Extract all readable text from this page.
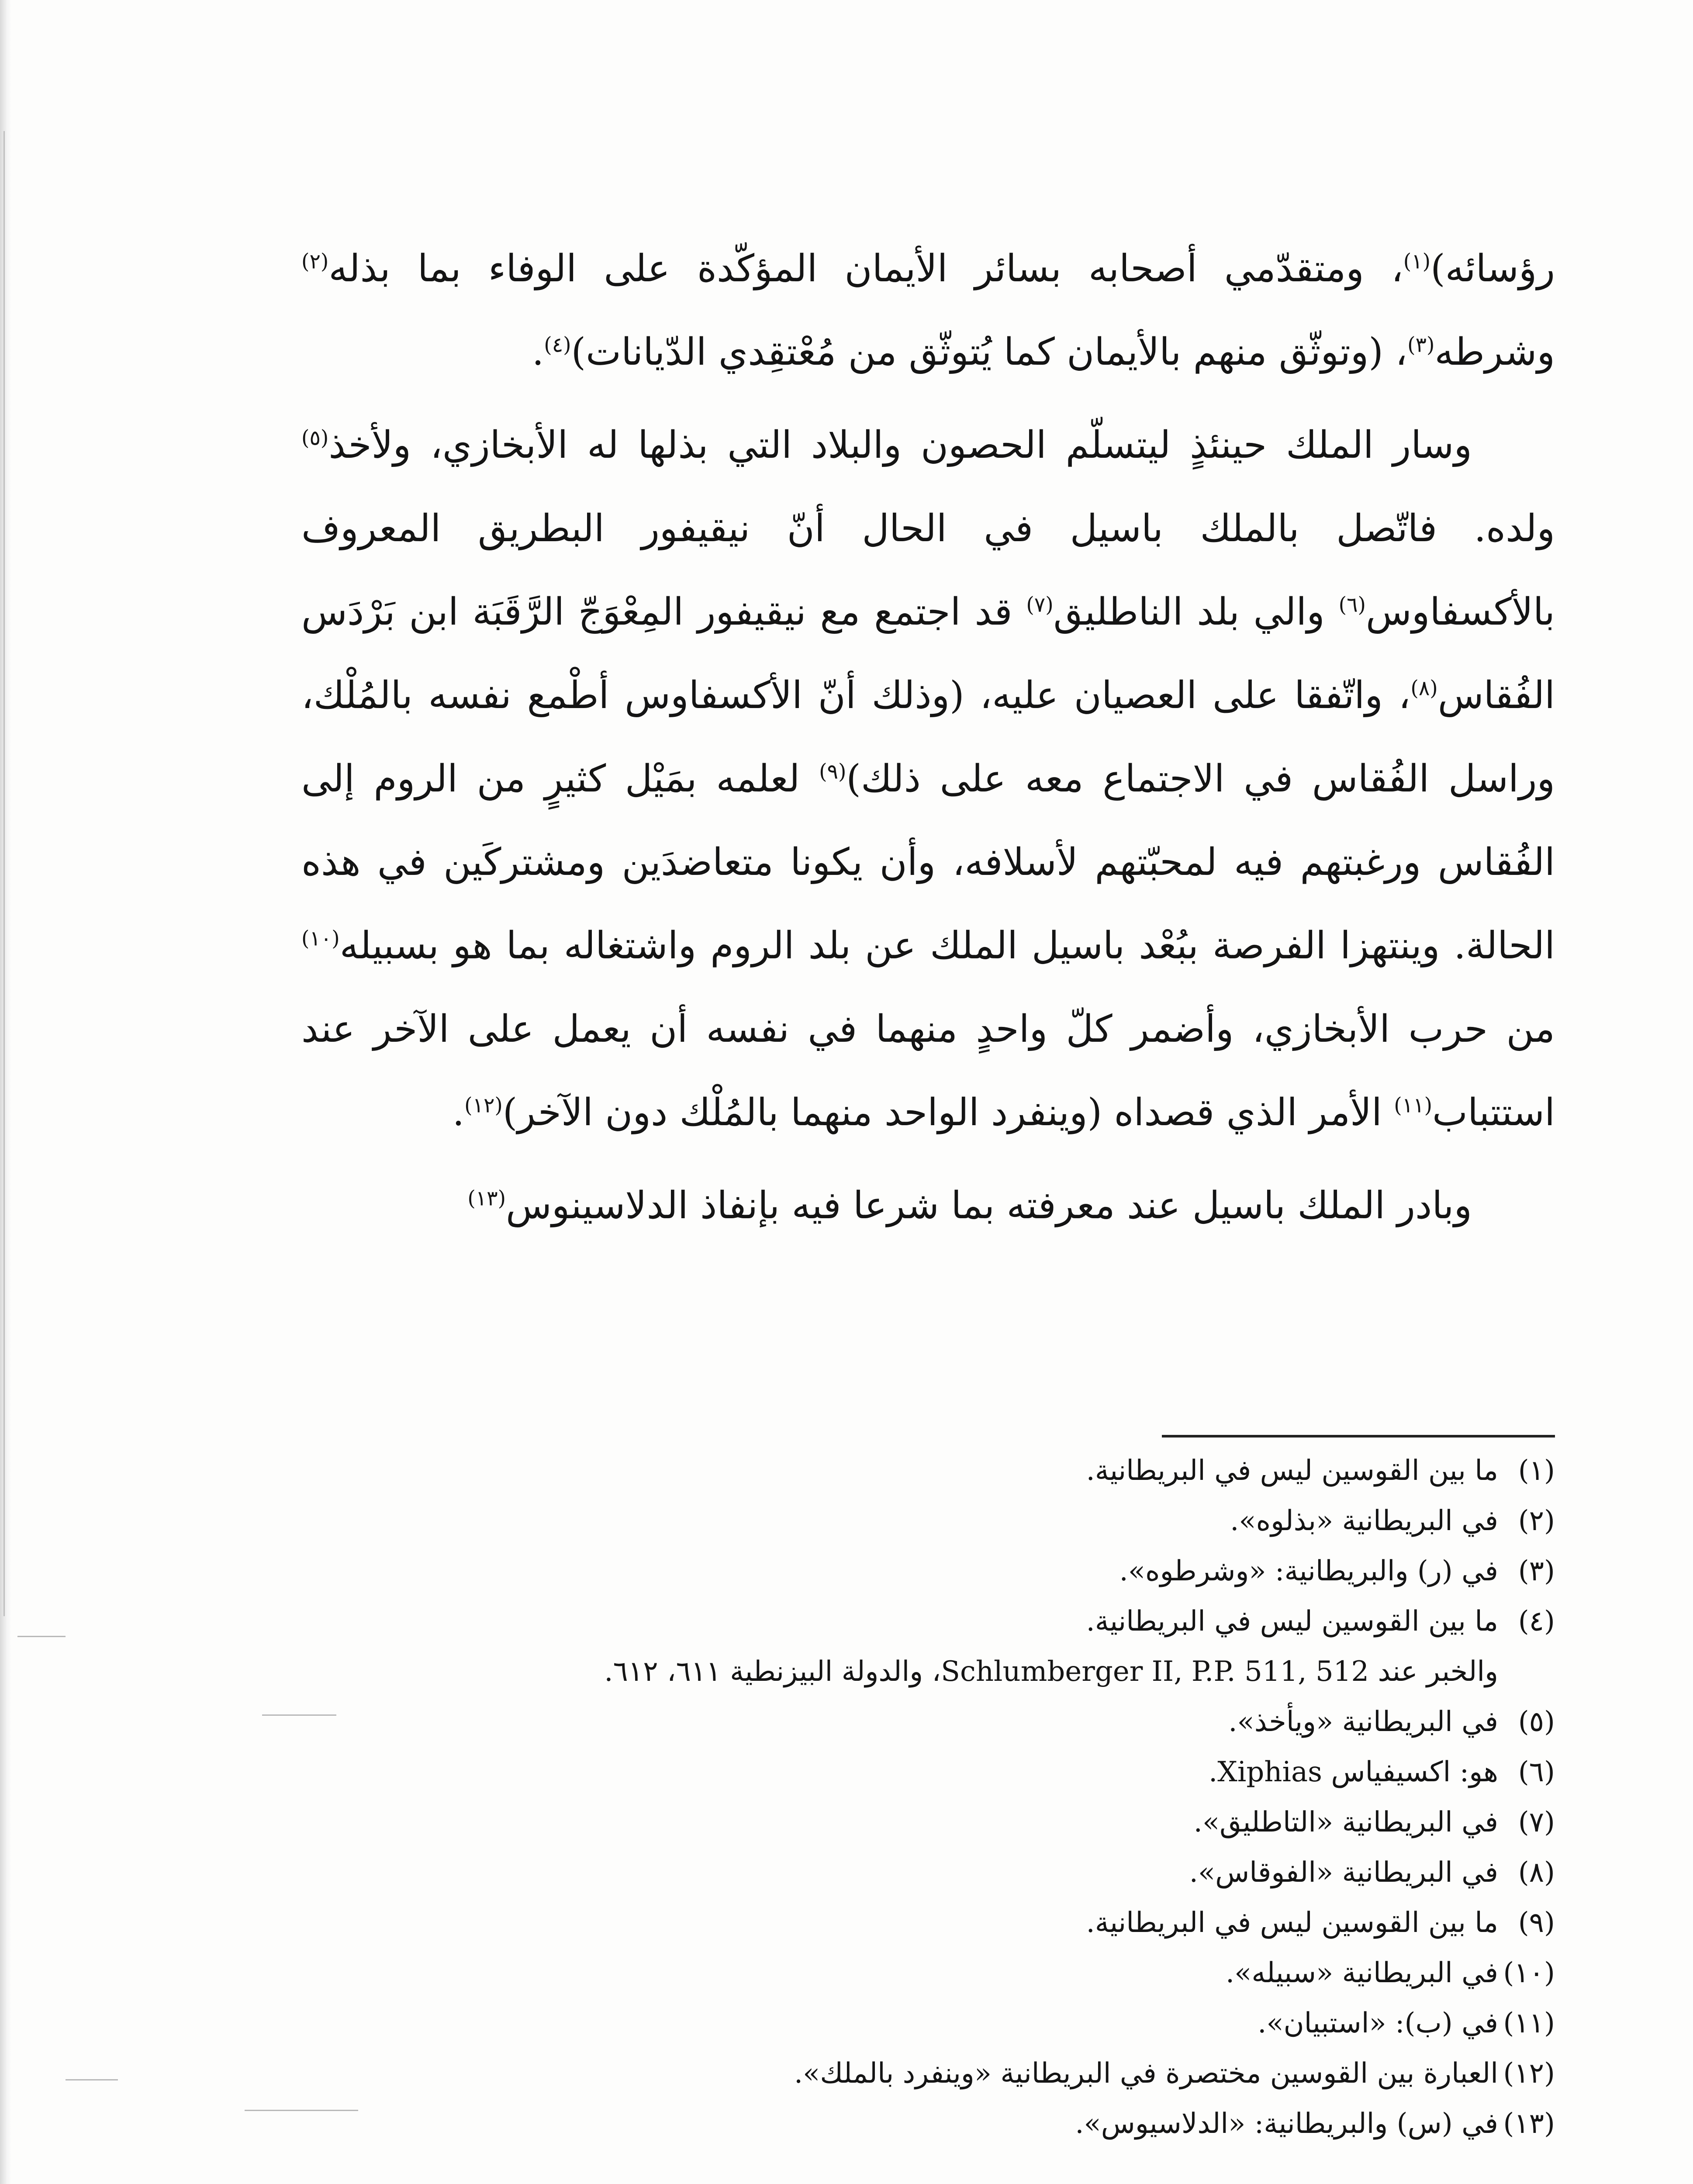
رؤسائه)$^{(١)}$، ومتقدّمي أصحابه بسائر الأيمان المؤكّدة على الوفاء بما بذله$^{(٢)}$ وشرطه$^{(٣)}$، (وتوثّق منهم بالأيمان كما يُتوثّق من مُعْتقِدي الدّيانات)$^{(٤)}$.

وسار الملك حينئذٍ ليتسلّم الحصون والبلاد التي بذلها له الأبخازي، ولأخذ$^{(٥)}$ ولده. فاتّصل بالملك باسيل في الحال أنّ نيقيفور البطريق المعروف بالأكسفاوس$^{(٦)}$ والي بلد الناطليق$^{(٧)}$ قد اجتمع مع نيقيفور المِعْوَجّ الرَّقَبَة ابن بَرْدَس الفُقاس$^{(٨)}$، واتّفقا على العصيان عليه، (وذلك أنّ الأكسفاوس أطْمع نفسه بالمُلْك، وراسل الفُقاس في الاجتماع معه على ذلك)$^{(٩)}$ لعلمه بمَيْل كثيرٍ من الروم إلى الفُقاس ورغبتهم فيه لمحبّتهم لأسلافه، وأن يكونا متعاضدَين ومشتركَين في هذه الحالة. وينتهزا الفرصة ببُعْد باسيل الملك عن بلد الروم واشتغاله بما هو بسبيله$^{(١٠)}$ من حرب الأبخازي، وأضمر كلّ واحدٍ منهما في نفسه أن يعمل على الآخر عند استتباب$^{(١١)}$ الأمر الذي قصداه (وينفرد الواحد منهما بالمُلْك دون الآخر)$^{(١٢)}$.

وبادر الملك باسيل عند معرفته بما شرعا فيه بإنفاذ الدلاسينوس$^{(١٣)}$

(١)
ما بين القوسين ليس في البريطانية.
(٢)
في البريطانية «بذلوه».
(٣)
في (ر) والبريطانية: «وشرطوه».
(٤)
ما بين القوسين ليس في البريطانية.
والخبر عند Schlumberger II, P.P. 511, 512، والدولة البيزنطية ٦١١، ٦١٢.
(٥)
في البريطانية «ويأخذ».
(٦)
هو: اكسيفياس Xiphias.
(٧)
في البريطانية «التاطليق».
(٨)
في البريطانية «الفوقاس».
(٩)
ما بين القوسين ليس في البريطانية.
(١٠)
في البريطانية «سبيله».
(١١)
في (ب): «استبيان».
(١٢)
العبارة بين القوسين مختصرة في البريطانية «وينفرد بالملك».
(١٣)
في (س) والبريطانية: «الدلاسيوس».
